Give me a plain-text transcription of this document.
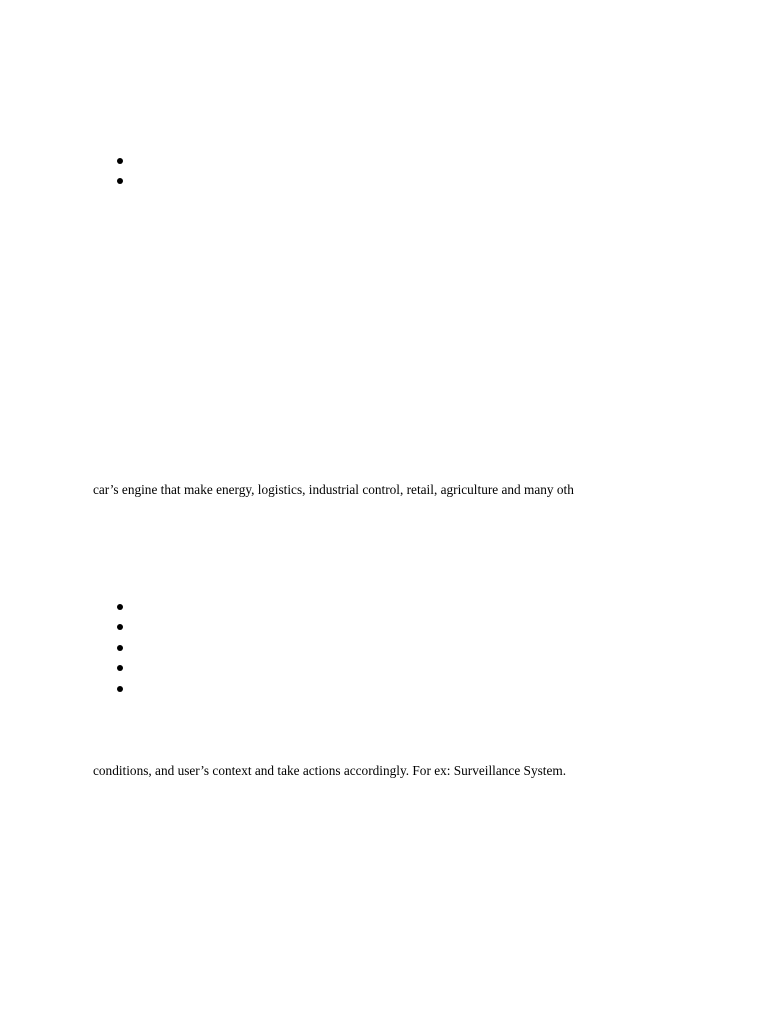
car’s engine that make energy, logistics, industrial control, retail, agriculture and many oth

conditions, and user’s context and take actions accordingly. For ex: Surveillance System.
